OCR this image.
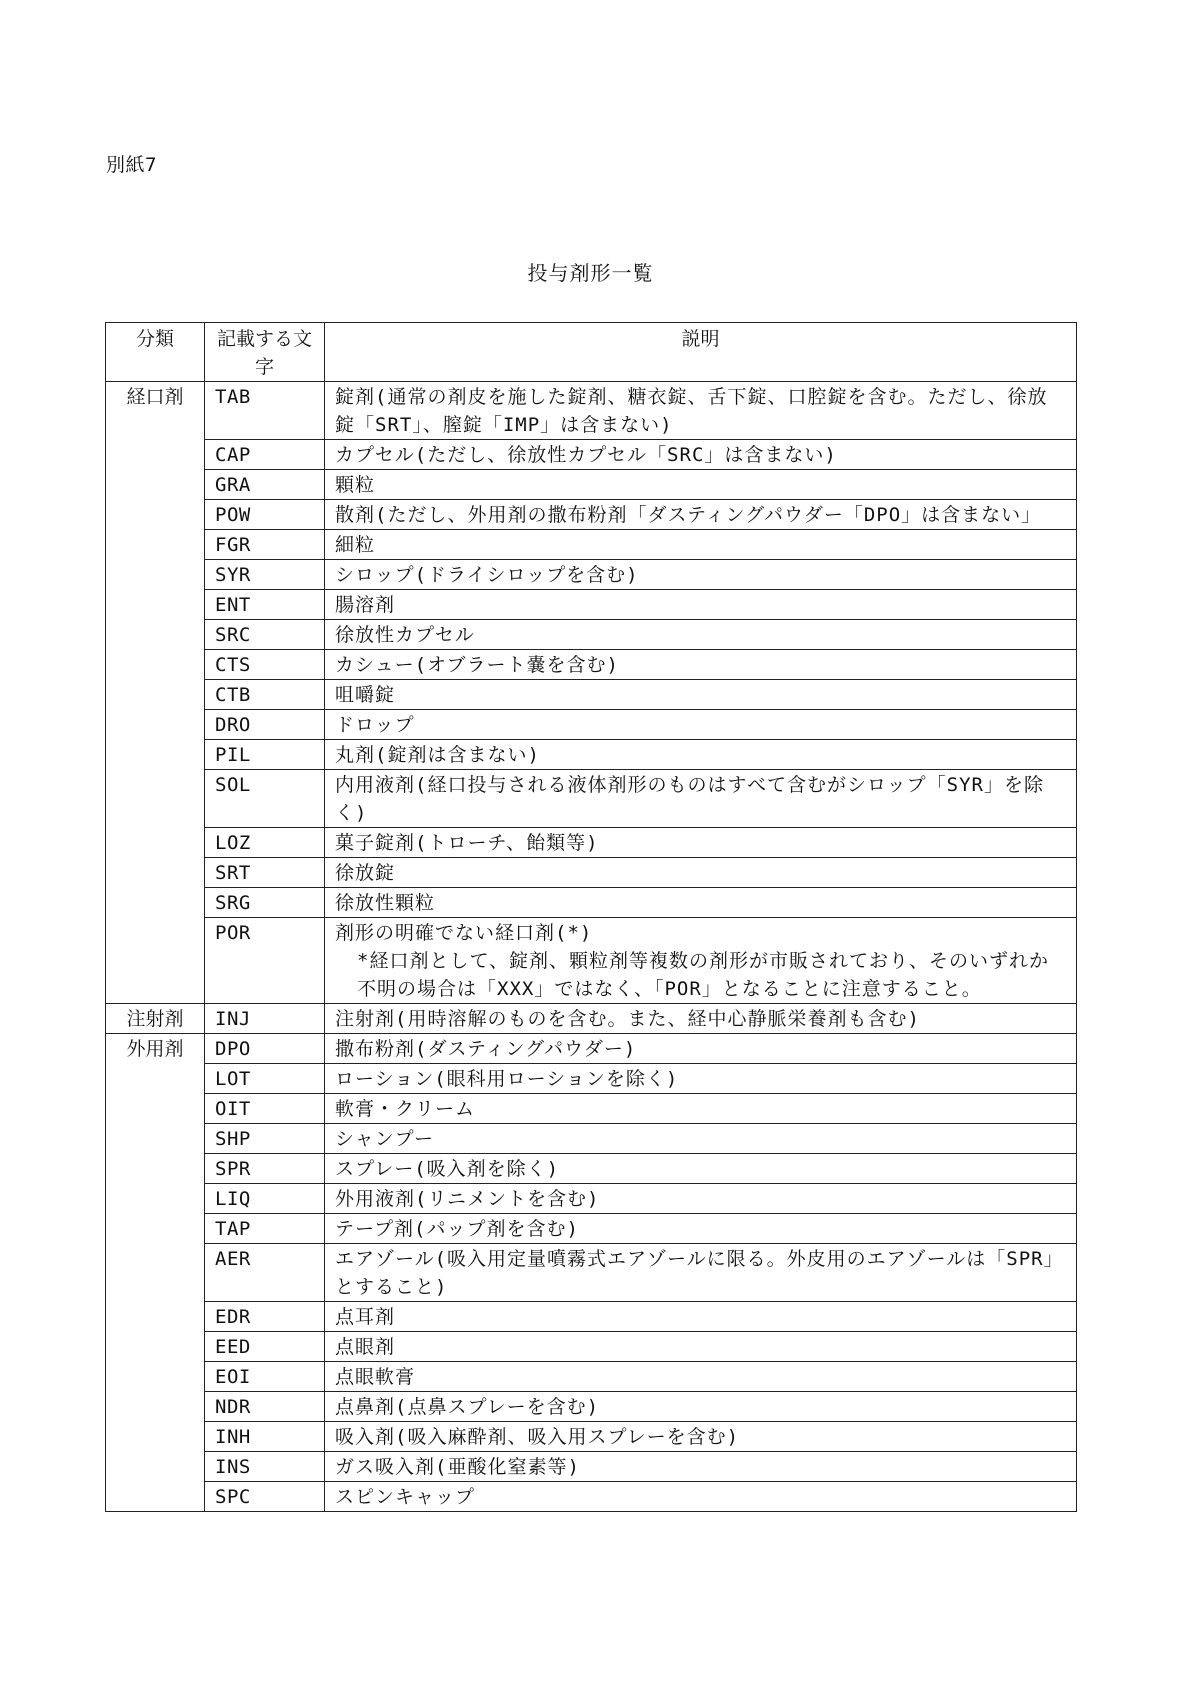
別紙7
投与剤形一覧
分類	記載する文字	説明
経口剤	TAB	錠剤(通常の剤皮を施した錠剤、糖衣錠、舌下錠、口腔錠を含む。ただし、徐放錠「SRT」、膣錠「IMP」は含まない)
	CAP	カプセル(ただし、徐放性カプセル「SRC」は含まない)
	GRA	顆粒
	POW	散剤(ただし、外用剤の撒布粉剤「ダスティングパウダー「DPO」は含まない」
	FGR	細粒
	SYR	シロップ(ドライシロップを含む)
	ENT	腸溶剤
	SRC	徐放性カプセル
	CTS	カシュー(オブラート嚢を含む)
	CTB	咀嚼錠
	DRO	ドロップ
	PIL	丸剤(錠剤は含まない)
	SOL	内用液剤(経口投与される液体剤形のものはすべて含むがシロップ「SYR」を除く)
	LOZ	菓子錠剤(トローチ、飴類等)
	SRT	徐放錠
	SRG	徐放性顆粒
	POR	剤形の明確でない経口剤(*)
*経口剤として、錠剤、顆粒剤等複数の剤形が市販されており、そのいずれか不明の場合は「XXX」ではなく、「POR」となることに注意すること。

注射剤	INJ	注射剤(用時溶解のものを含む。また、経中心静脈栄養剤も含む)
外用剤	DPO	撒布粉剤(ダスティングパウダー)
	LOT	ローション(眼科用ローションを除く)
	OIT	軟膏・クリーム
	SHP	シャンプー
	SPR	スプレー(吸入剤を除く)
	LIQ	外用液剤(リニメントを含む)
	TAP	テープ剤(パップ剤を含む)
	AER	エアゾール(吸入用定量噴霧式エアゾールに限る。外皮用のエアゾールは「SPR」とすること)
	EDR	点耳剤
	EED	点眼剤
	EOI	点眼軟膏
	NDR	点鼻剤(点鼻スプレーを含む)
	INH	吸入剤(吸入麻酔剤、吸入用スプレーを含む)
	INS	ガス吸入剤(亜酸化窒素等)
	SPC	スピンキャップ
